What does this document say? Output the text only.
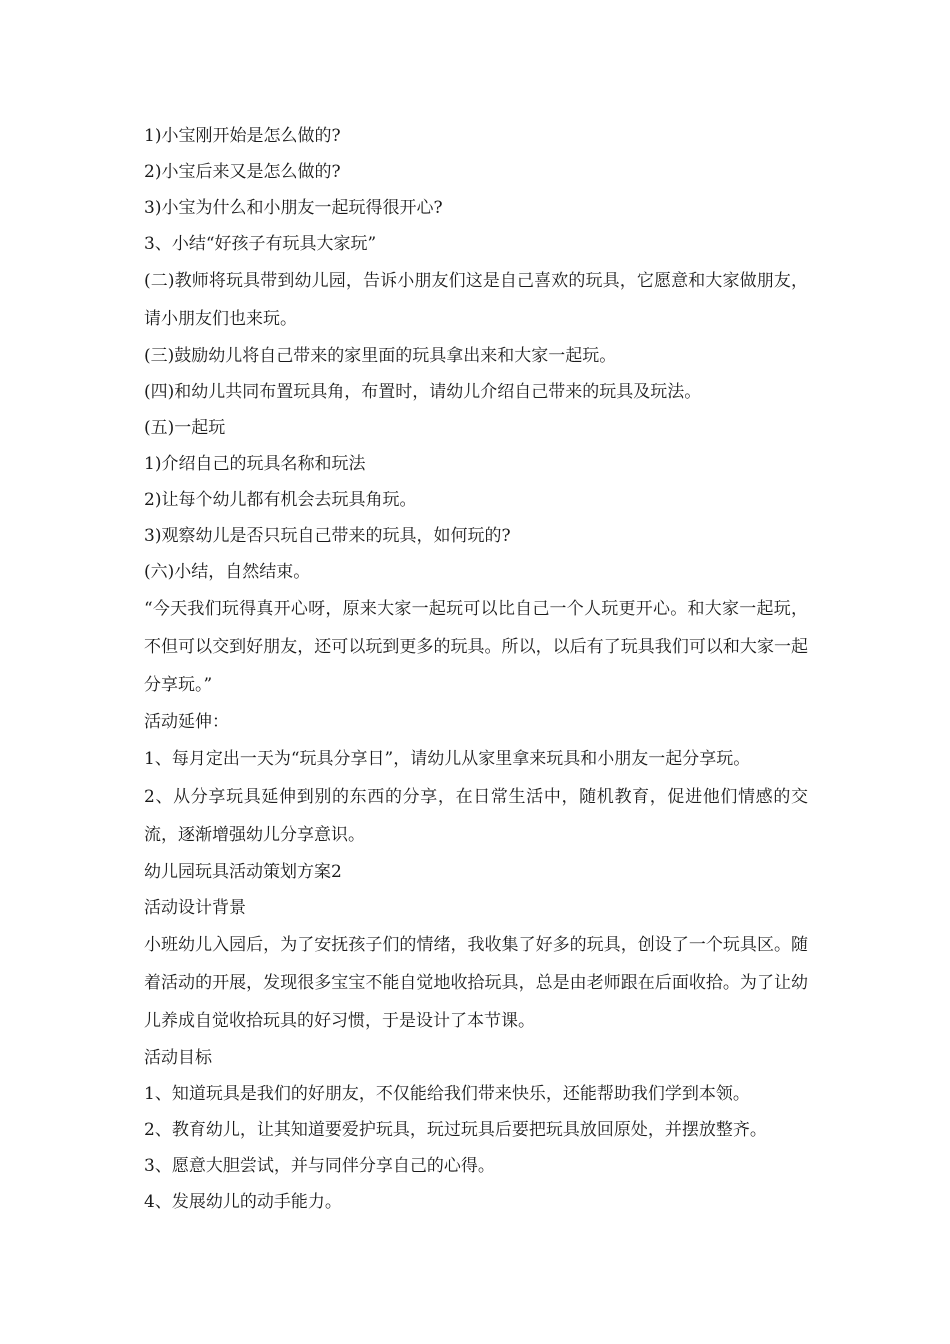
1)小宝刚开始是怎么做的?

2)小宝后来又是怎么做的?

3)小宝为什么和小朋友一起玩得很开心?

3、小结“好孩子有玩具大家玩”

(二)教师将玩具带到幼儿园，告诉小朋友们这是自己喜欢的玩具，它愿意和大家做朋友，请小朋友们也来玩。

(三)鼓励幼儿将自己带来的家里面的玩具拿出来和大家一起玩。

(四)和幼儿共同布置玩具角，布置时，请幼儿介绍自己带来的玩具及玩法。

(五)一起玩

1)介绍自己的玩具名称和玩法

2)让每个幼儿都有机会去玩具角玩。

3)观察幼儿是否只玩自己带来的玩具，如何玩的?

(六)小结，自然结束。

“今天我们玩得真开心呀，原来大家一起玩可以比自己一个人玩更开心。和大家一起玩，不但可以交到好朋友，还可以玩到更多的玩具。所以，以后有了玩具我们可以和大家一起分享玩。”

活动延伸：

1、每月定出一天为“玩具分享日”，请幼儿从家里拿来玩具和小朋友一起分享玩。

2、从分享玩具延伸到别的东西的分享，在日常生活中，随机教育，促进他们情感的交流，逐渐增强幼儿分享意识。

幼儿园玩具活动策划方案2

活动设计背景

小班幼儿入园后，为了安抚孩子们的情绪，我收集了好多的玩具，创设了一个玩具区。随着活动的开展，发现很多宝宝不能自觉地收拾玩具，总是由老师跟在后面收拾。为了让幼儿养成自觉收拾玩具的好习惯，于是设计了本节课。

活动目标

1、知道玩具是我们的好朋友，不仅能给我们带来快乐，还能帮助我们学到本领。

2、教育幼儿，让其知道要爱护玩具，玩过玩具后要把玩具放回原处，并摆放整齐。

3、愿意大胆尝试，并与同伴分享自己的心得。

4、发展幼儿的动手能力。
